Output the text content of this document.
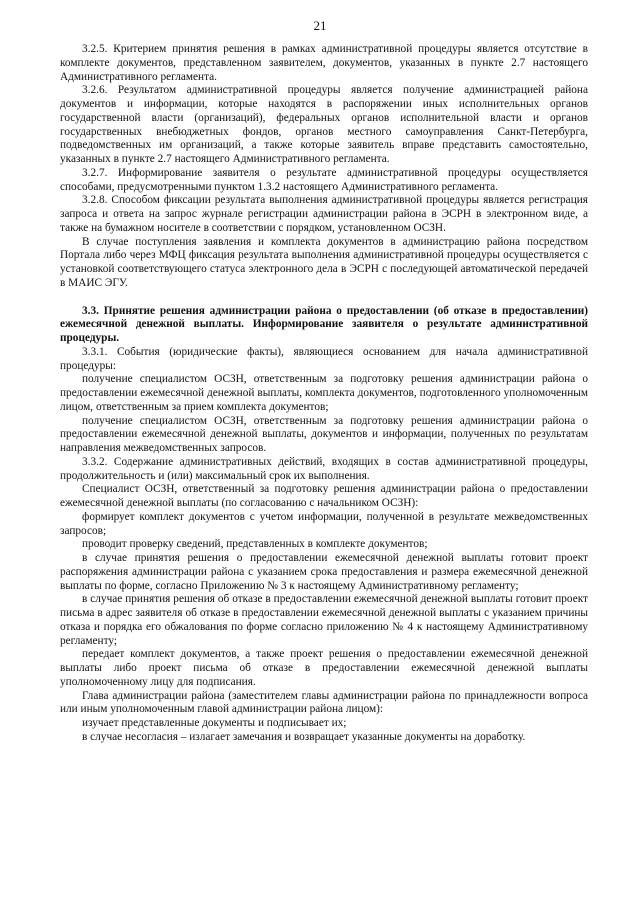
21

3.2.5. Критерием принятия решения в рамках административной процедуры является отсутствие в комплекте документов, представленном заявителем, документов, указанных в пункте 2.7 настоящего Административного регламента.

3.2.6. Результатом административной процедуры является получение администрацией района документов и информации, которые находятся в распоряжении иных исполнительных органов государственной власти (организаций), федеральных органов исполнительной власти и органов государственных внебюджетных фондов, органов местного самоуправления Санкт-Петербурга, подведомственных им организаций, а также которые заявитель вправе представить самостоятельно, указанных в пункте 2.7 настоящего Административного регламента.

3.2.7. Информирование заявителя о результате административной процедуры осуществляется способами, предусмотренными пунктом 1.3.2 настоящего Административного регламента.

3.2.8. Способом фиксации результата выполнения административной процедуры является регистрация запроса и ответа на запрос журнале регистрации администрации района в ЭСРН в электронном виде, а также на бумажном носителе в соответствии с порядком, установленном ОСЗН.

В случае поступления заявления и комплекта документов в администрацию района посредством Портала либо через МФЦ фиксация результата выполнения административной процедуры осуществляется с установкой соответствующего статуса электронного дела в ЭСРН с последующей автоматической передачей в МАИС ЭГУ.

3.3. Принятие решения администрации района о предоставлении (об отказе в предоставлении) ежемесячной денежной выплаты. Информирование заявителя о результате административной процедуры.

3.3.1. События (юридические факты), являющиеся основанием для начала административной процедуры:

получение специалистом ОСЗН, ответственным за подготовку решения администрации района о предоставлении ежемесячной денежной выплаты, комплекта документов, подготовленного уполномоченным лицом, ответственным за прием комплекта документов;

получение специалистом ОСЗН, ответственным за подготовку решения администрации района о предоставлении ежемесячной денежной выплаты, документов и информации, полученных по результатам направления межведомственных запросов.

3.3.2. Содержание административных действий, входящих в состав административной процедуры, продолжительность и (или) максимальный срок их выполнения.

Специалист ОСЗН, ответственный за подготовку решения администрации района о предоставлении ежемесячной денежной выплаты (по согласованию с начальником ОСЗН):

формирует комплект документов с учетом информации, полученной в результате межведомственных запросов;

проводит проверку сведений, представленных в комплекте документов;

в случае принятия решения о предоставлении ежемесячной денежной выплаты готовит проект распоряжения администрации района с указанием срока предоставления и размера ежемесячной денежной выплаты по форме, согласно Приложению № 3 к настоящему Административному регламенту;

в случае принятия решения об отказе в предоставлении ежемесячной денежной выплаты готовит проект письма в адрес заявителя об отказе в предоставлении ежемесячной денежной выплаты с указанием причины отказа и порядка его обжалования по форме согласно приложению № 4 к настоящему Административному регламенту;

передает комплект документов, а также проект решения о предоставлении ежемесячной денежной выплаты либо проект письма об отказе в предоставлении ежемесячной денежной выплаты уполномоченному лицу для подписания.

Глава администрации района (заместителем главы администрации района по принадлежности вопроса или иным уполномоченным главой администрации района лицом):

изучает представленные документы и подписывает их;

в случае несогласия – излагает замечания и возвращает указанные документы на доработку.
